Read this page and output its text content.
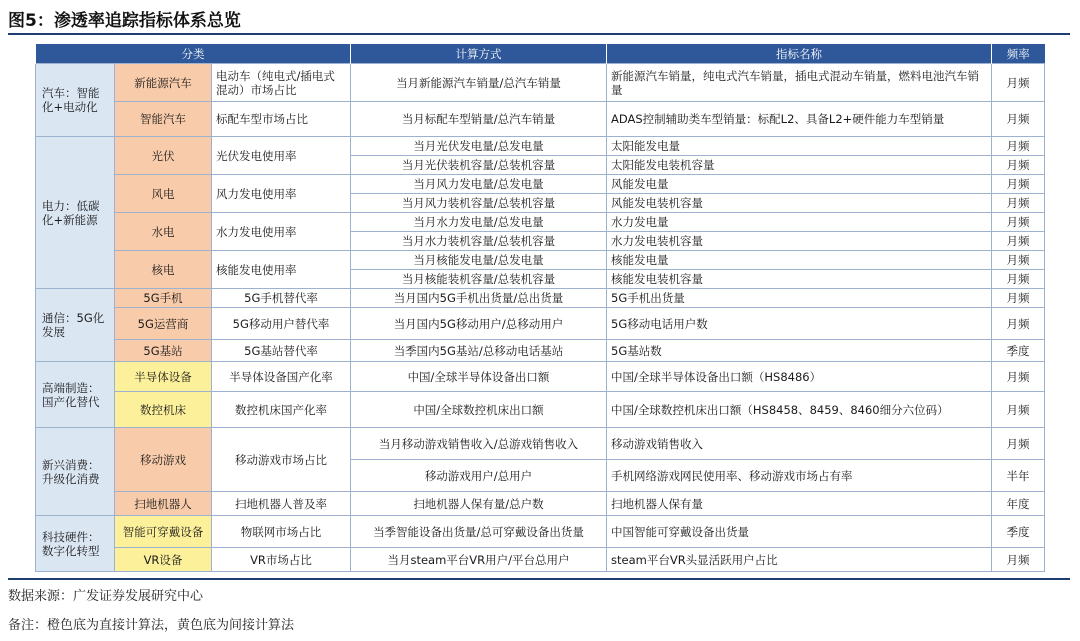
图5：渗透率追踪指标体系总览
分类			计算方式	指标名称	频率
汽车：智能化+电动化	新能源汽车	电动车（纯电式/插电式混动）市场占比	当月新能源汽车销量/总汽车销量	新能源汽车销量，纯电式汽车销量，插电式混动车销量，燃料电池汽车销量	月频
	智能汽车	标配车型市场占比	当月标配车型销量/总汽车销量	ADAS控制辅助类车型销量：标配L2、具备L2+硬件能力车型销量	月频
电力：低碳化+新能源	光伏	光伏发电使用率	当月光伏发电量/总发电量	太阳能发电量	月频
			当月光伏装机容量/总装机容量	太阳能发电装机容量	月频
	风电	风力发电使用率	当月风力发电量/总发电量	风能发电量	月频
			当月风力装机容量/总装机容量	风能发电装机容量	月频
	水电	水力发电使用率	当月水力发电量/总发电量	水力发电量	月频
			当月水力装机容量/总装机容量	水力发电装机容量	月频
	核电	核能发电使用率	当月核能发电量/总发电量	核能发电量	月频
			当月核能装机容量/总装机容量	核能发电装机容量	月频
通信：5G化发展	5G手机	5G手机替代率	当月国内5G手机出货量/总出货量	5G手机出货量	月频
	5G运营商	5G移动用户替代率	当月国内5G移动用户/总移动用户	5G移动电话用户数	月频
	5G基站	5G基站替代率	当季国内5G基站/总移动电话基站	5G基站数	季度
高端制造：国产化替代	半导体设备	半导体设备国产化率	中国/全球半导体设备出口额	中国/全球半导体设备出口额（HS8486）	月频
	数控机床	数控机床国产化率	中国/全球数控机床出口额	中国/全球数控机床出口额（HS8458、8459、8460细分六位码）	月频
新兴消费：升级化消费	移动游戏	移动游戏市场占比	当月移动游戏销售收入/总游戏销售收入	移动游戏销售收入	月频
			移动游戏用户/总用户	手机网络游戏网民使用率、移动游戏市场占有率	半年
	扫地机器人	扫地机器人普及率	扫地机器人保有量/总户数	扫地机器人保有量	年度
科技硬件：数字化转型	智能可穿戴设备	物联网市场占比	当季智能设备出货量/总可穿戴设备出货量	中国智能可穿戴设备出货量	季度
	VR设备	VR市场占比	当月steam平台VR用户/平台总用户	steam平台VR头显活跃用户占比	月频
数据来源：广发证券发展研究中心
备注：橙色底为直接计算法，黄色底为间接计算法
